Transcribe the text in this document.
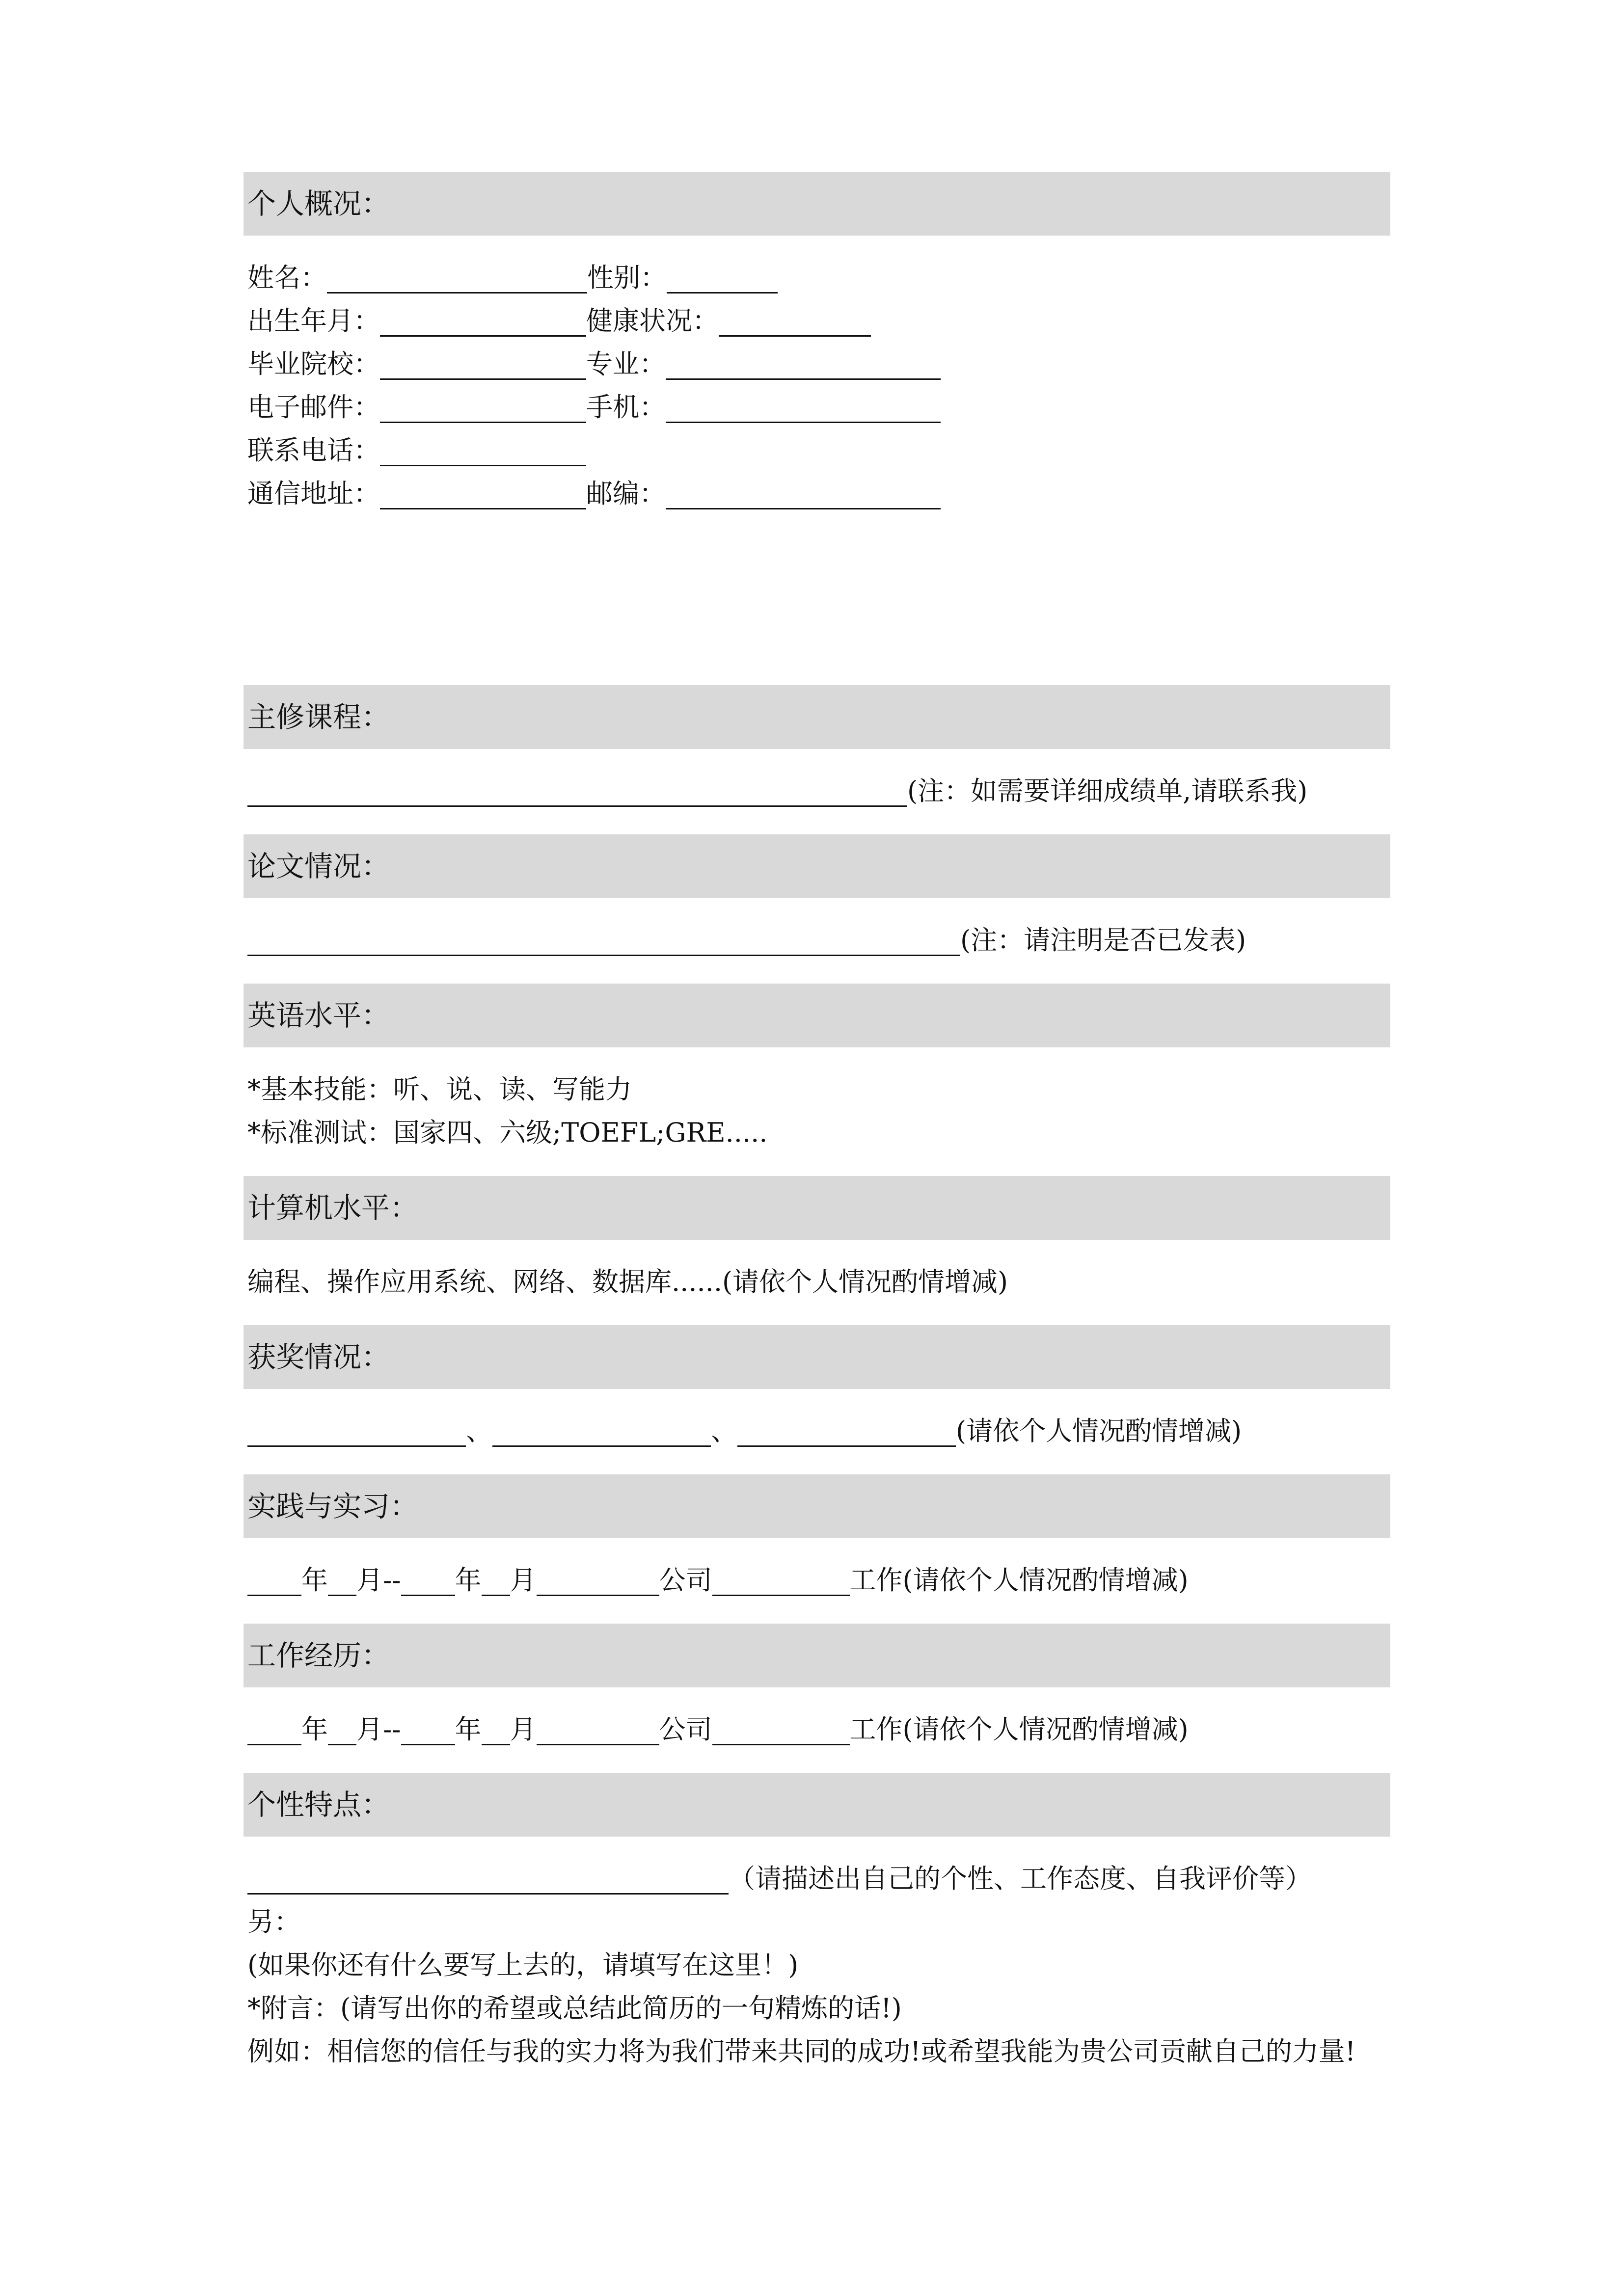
个人概况：
姓名：	性别：
出生年月：	健康状况：
毕业院校：	专业：
电子邮件：	手机：
联系电话：
通信地址：	邮编：
主修课程：
(注：如需要详细成绩单,请联系我)
论文情况：
(注：请注明是否已发表)
英语水平：
*基本技能：听、说、读、写能力
*标准测试：国家四、六级;TOEFL;GRE.....
计算机水平：
编程、操作应用系统、网络、数据库......(请依个人情况酌情增减)
获奖情况：
、	、	(请依个人情况酌情增减)
实践与实习：
年 月-- 年 月	公司	工作(请依个人情况酌情增减)
工作经历：
年 月-- 年 月	公司	工作(请依个人情况酌情增减)
个性特点：
（请描述出自己的个性、工作态度、自我评价等）
另：
(如果你还有什么要写上去的，请填写在这里！)
*附言：(请写出你的希望或总结此简历的一句精炼的话!)
例如：相信您的信任与我的实力将为我们带来共同的成功!或希望我能为贵公司贡献自己的力量!
